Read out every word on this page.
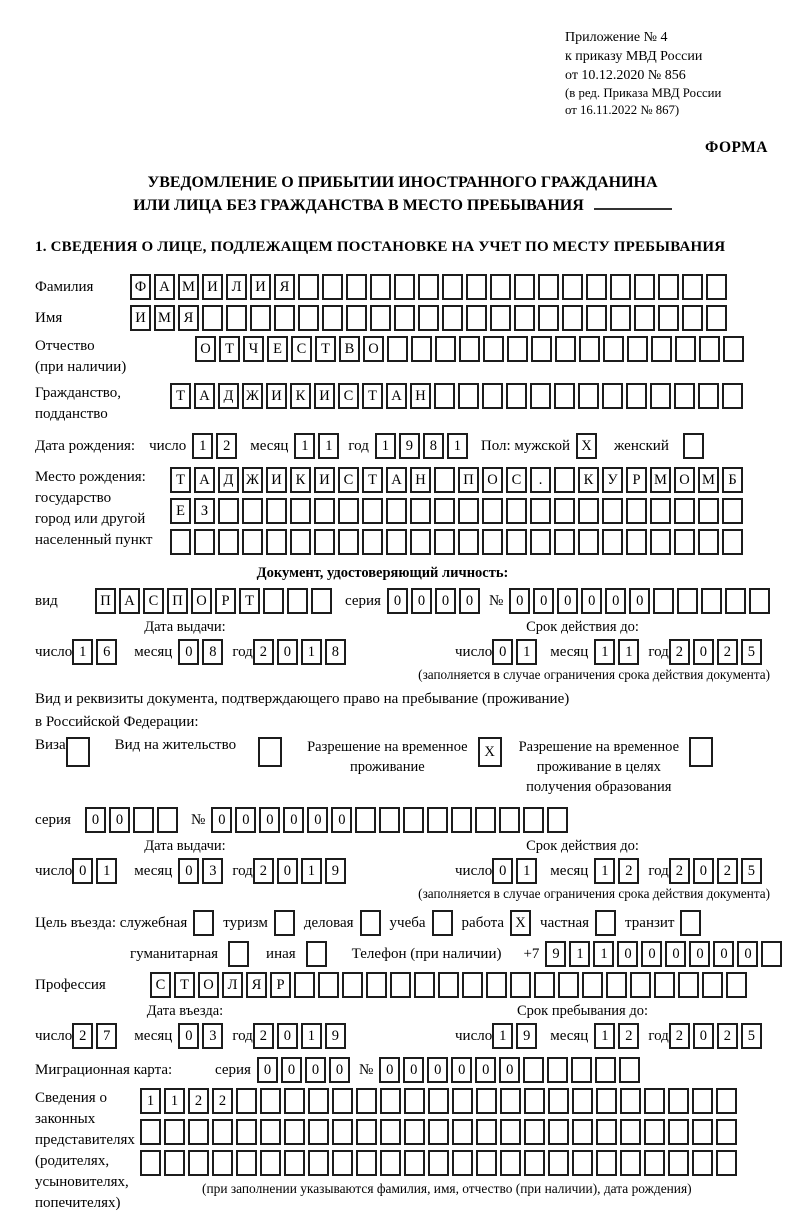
Приложение № 4
к приказу МВД России
от 10.12.2020 № 856
(в ред. Приказа МВД России
от 16.11.2022 № 867)
ФОРМА
УВЕДОМЛЕНИЕ О ПРИБЫТИИ ИНОСТРАННОГО ГРАЖДАНИНА
ИЛИ ЛИЦА БЕЗ ГРАЖДАНСТВА В МЕСТО ПРЕБЫВАНИЯ
1. СВЕДЕНИЯ О ЛИЦЕ, ПОДЛЕЖАЩЕМ ПОСТАНОВКЕ НА УЧЕТ ПО МЕСТУ ПРЕБЫВАНИЯ
Фамилия	Ф А М И Л И Я
Имя	И М Я
Отчество
(при наличии)
О Т	Ч	Е	С	Т	В О
Гражданство,
подданство
Т А Д Ж И К И С	Т А Н
Дата рождения: число 1	2	месяц 1	1	год 1	9	8	1	Пол: мужской X	женский
Место рождения:
государство
город или другой
населенный пункт
Т А Д Ж И К И С	Т А Н	П О С	.	К У	Р М О М Б
Е	З
Документ, удостоверяющий личность:
вид	П А С П О	Р	Т	серия 0	0	0	0	№ 0	0	0	0	0	0
Дата выдачи:	Срок действия до:
число 1	6	месяц 0	8	год 2	0	1	8	число 0	1	месяц 1	1	год 2	0	2	5
(заполняется в случае ограничения срока действия документа)
Вид и реквизиты документа, подтверждающего право на пребывание (проживание)
в Российской Федерации:
Виза	Вид на жительство	Разрешение на временное
проживание
X	Разрешение на временное
проживание в целях
получения образования
серия	0	0	№ 0	0	0	0	0	0
Дата выдачи:	Срок действия до:
число 0	1	месяц 0	3	год 2	0	1	9	число 0	1	месяц 1	2	год 2	0	2	5
(заполняется в случае ограничения срока действия документа)
Цель въезда: служебная туризм деловая учеба работа X частная транзит
гуманитарная	иная	Телефон (при наличии) +7 9	1	1	0	0	0	0	0	0
Профессия	С	Т О Л Я	Р
Дата въезда:	Срок пребывания до:
число 2	7	месяц 0	3	год 2	0	1	9	число 1	9	месяц 1	2	год 2	0	2	5
Миграционная карта:	серия 0	0	0	0	№ 0	0	0	0	0	0
Сведения о
законных
представителях
(родителях,
усыновителях,
попечителях)
1	1	2	2
(при заполнении указываются фамилия, имя, отчество (при наличии), дата рождения)
